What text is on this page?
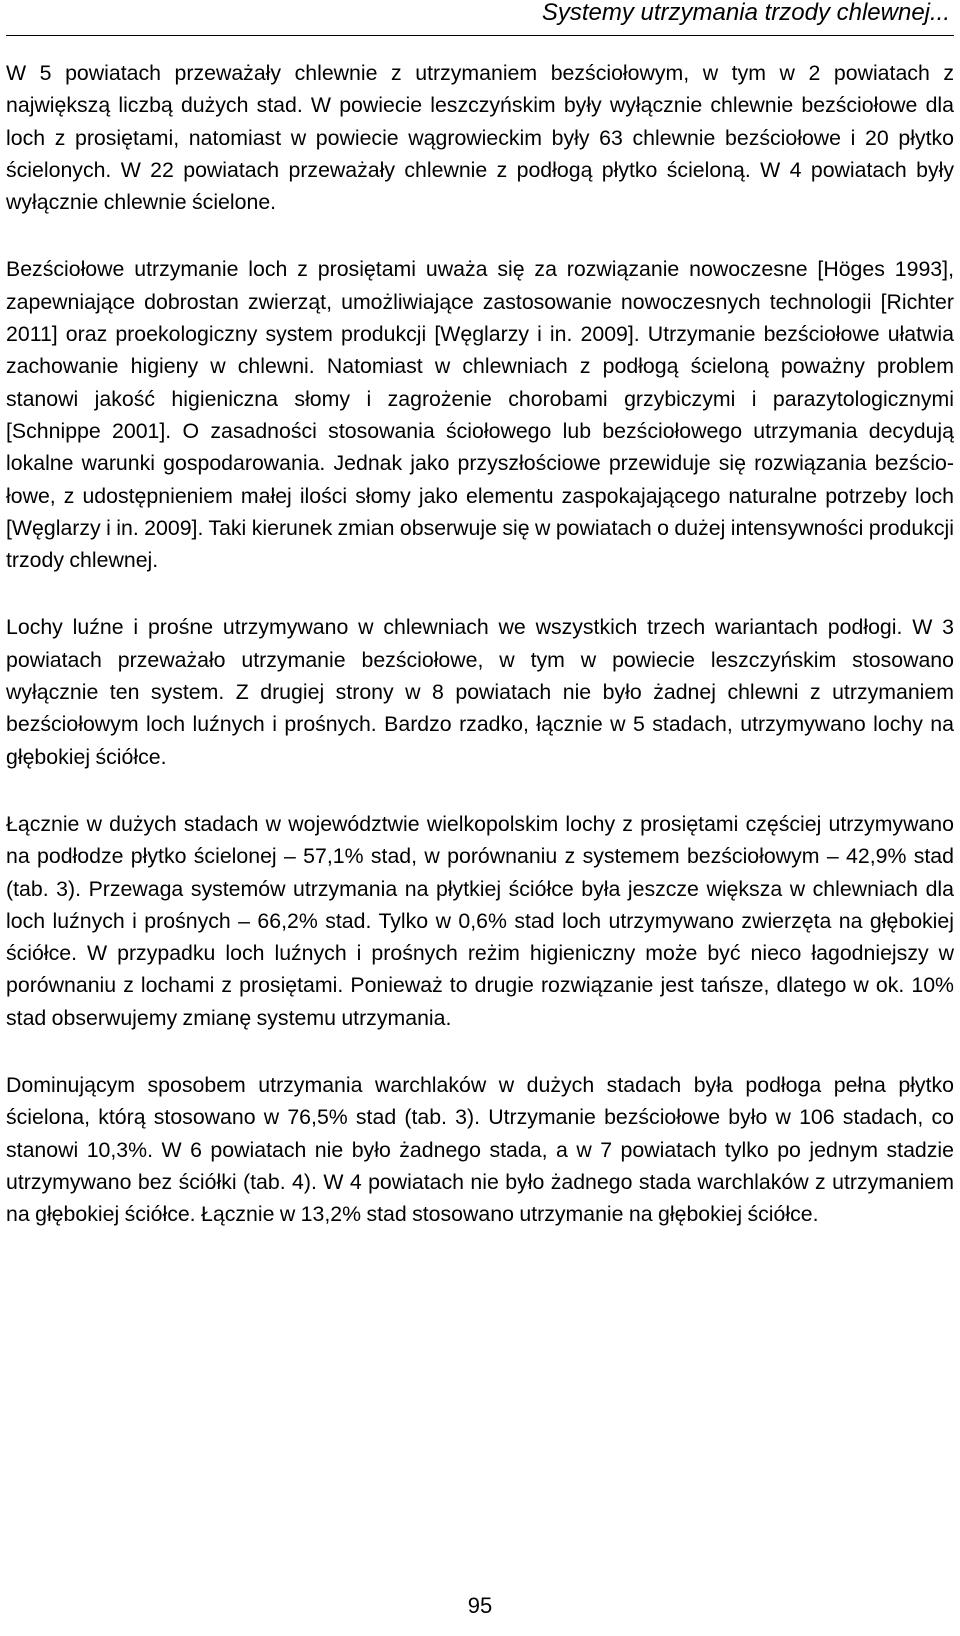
Systemy utrzymania trzody chlewnej...

W 5 powiatach przeważały chlewnie z utrzymaniem bezściołowym, w tym w 2 powiatach z największą liczbą dużych stad. W powiecie leszczyńskim były wyłącznie chlewnie bezściołowe dla loch z prosiętami, natomiast w powiecie wągrowieckim były 63 chlewnie bezściołowe i 20 płytko ścielonych. W 22 powiatach przeważały chlewnie z podłogą płytko ścieloną. W 4 powiatach były wyłącznie chlewnie ścielone.

Bezściołowe utrzymanie loch z prosiętami uważa się za rozwiązanie nowoczesne [Höges 1993], zapewniające dobrostan zwierząt, umożliwiające zastosowanie nowoczesnych technologii [Richter 2011] oraz proekologiczny system produkcji [Węglarzy i in. 2009]. Utrzymanie bezściołowe ułatwia zachowanie higieny w chlewni. Natomiast w chlewniach z podłogą ścieloną poważny problem stanowi jakość higieniczna słomy i zagrożenie chorobami grzybiczymi i parazytologicznymi [Schnippe 2001]. O zasadności stosowania ściołowego lub bezściołowego utrzymania decydują lokalne warunki gospodarowania. Jednak jako przyszłościowe przewiduje się rozwiązania bezściołowe, z udostępnieniem małej ilości słomy jako elementu zaspokajającego naturalne potrzeby loch [Węglarzy i in. 2009]. Taki kierunek zmian obserwuje się w powiatach o dużej intensywności produkcji trzody chlewnej.

Lochy luźne i prośne utrzymywano w chlewniach we wszystkich trzech wariantach podłogi. W 3 powiatach przeważało utrzymanie bezściołowe, w tym w powiecie leszczyńskim stosowano wyłącznie ten system. Z drugiej strony w 8 powiatach nie było żadnej chlewni z utrzymaniem bezściołowym loch luźnych i prośnych. Bardzo rzadko, łącznie w 5 stadach, utrzymywano lochy na głębokiej ściółce.

Łącznie w dużych stadach w województwie wielkopolskim lochy z prosiętami częściej utrzymywano na podłodze płytko ścielonej – 57,1% stad, w porównaniu z systemem bezściołowym – 42,9% stad (tab. 3). Przewaga systemów utrzymania na płytkiej ściółce była jeszcze większa w chlewniach dla loch luźnych i prośnych – 66,2% stad. Tylko w 0,6% stad loch utrzymywano zwierzęta na głębokiej ściółce. W przypadku loch luźnych i prośnych reżim higieniczny może być nieco łagodniejszy w porównaniu z lochami z prosiętami. Ponieważ to drugie rozwiązanie jest tańsze, dlatego w ok. 10% stad obserwujemy zmianę systemu utrzymania.

Dominującym sposobem utrzymania warchlaków w dużych stadach była podłoga pełna płytko ścielona, którą stosowano w 76,5% stad (tab. 3). Utrzymanie bezściołowe było w 106 stadach, co stanowi 10,3%. W 6 powiatach nie było żadnego stada, a w 7 powiatach tylko po jednym stadzie utrzymywano bez ściółki (tab. 4). W 4 powiatach nie było żadnego stada warchlaków z utrzymaniem na głębokiej ściółce. Łącznie w 13,2% stad stosowano utrzymanie na głębokiej ściółce.

95
